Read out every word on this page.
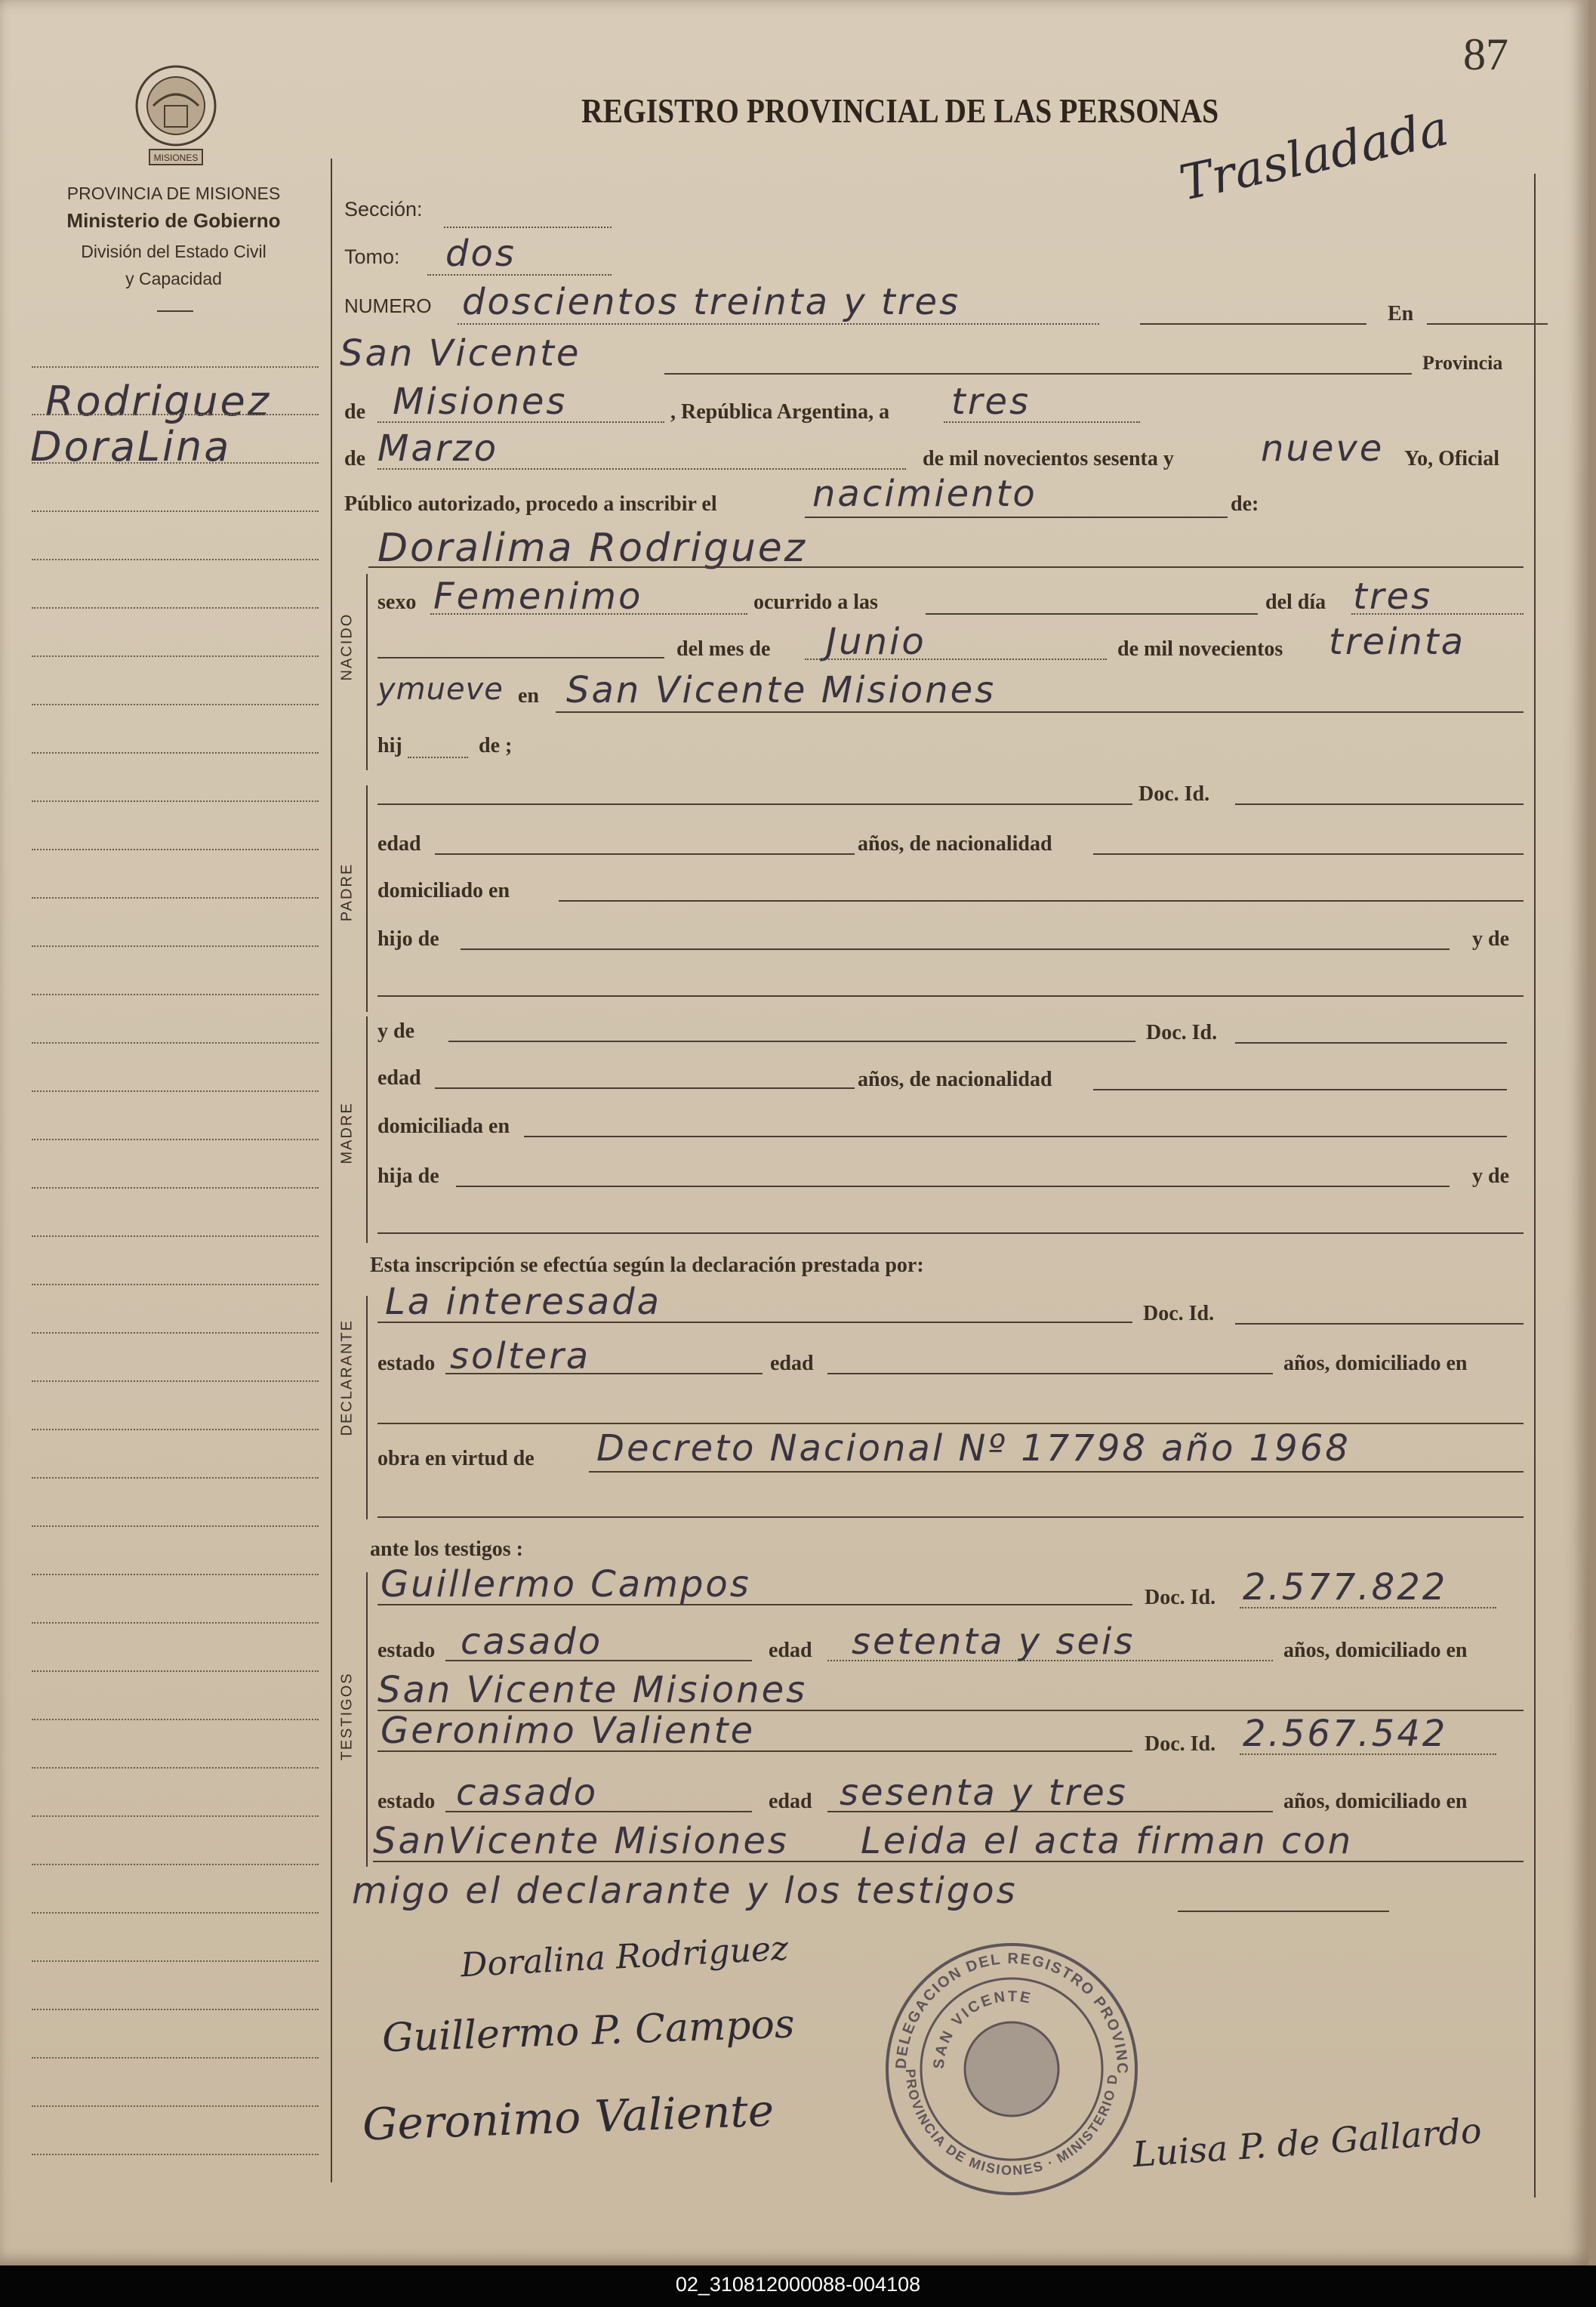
87
MISIONES
PROVINCIA DE MISIONES
Ministerio de Gobierno
División del Estado Civil
y Capacidad
REGISTRO PROVINCIAL DE LAS PERSONAS
Trasladada
Rodriguez
DoraLina
Sección:
Tomo: dos
NUMERO doscientos treinta y tres	En
San Vicente	Provincia
de Misiones	, República Argentina, a tres
de Marzo	de mil novecientos sesenta y nueve Yo, Oficial
Público autorizado, procedo a inscribir el	nacimiento	de:
NACIDO
Doralima Rodriguez
sexo Femenimo	ocurrido a las	del día tres
del mes de Junio	de mil novecientos treinta
ymueve en San Vicente Misiones
hij	de ;
PADRE
Doc. Id.
edad	años, de nacionalidad
domiciliado en
hijo de	y de
MADRE
y de	Doc. Id.
edad	años, de nacionalidad
domiciliada en
hija de	y de
Esta inscripción se efectúa según la declaración prestada por:
DECLARANTE
La interesada	Doc. Id.
estado soltera	edad	años, domiciliado en
obra en virtud de Decreto Nacional Nº 17798 año 1968
ante los testigos :
TESTIGOS
Guillermo Campos	Doc. Id. 2.577.822
estado casado	edad setenta y seis	años, domiciliado en
San Vicente Misiones
Geronimo Valiente	Doc. Id. 2.567.542
estado casado	edad sesenta y tres	años, domiciliado en
SanVicente Misiones Leida el acta firman con
migo el declarante y los testigos
Doralina Rodriguez
Guillermo P. Campos
Geronimo Valiente	Luisa P. de Gallardo
DELEGACION DEL REGISTRO PROVINC
SAN VICENTE
PROVINCIA DE MISIONES · MINISTERIO D
02_310812000088-004108
